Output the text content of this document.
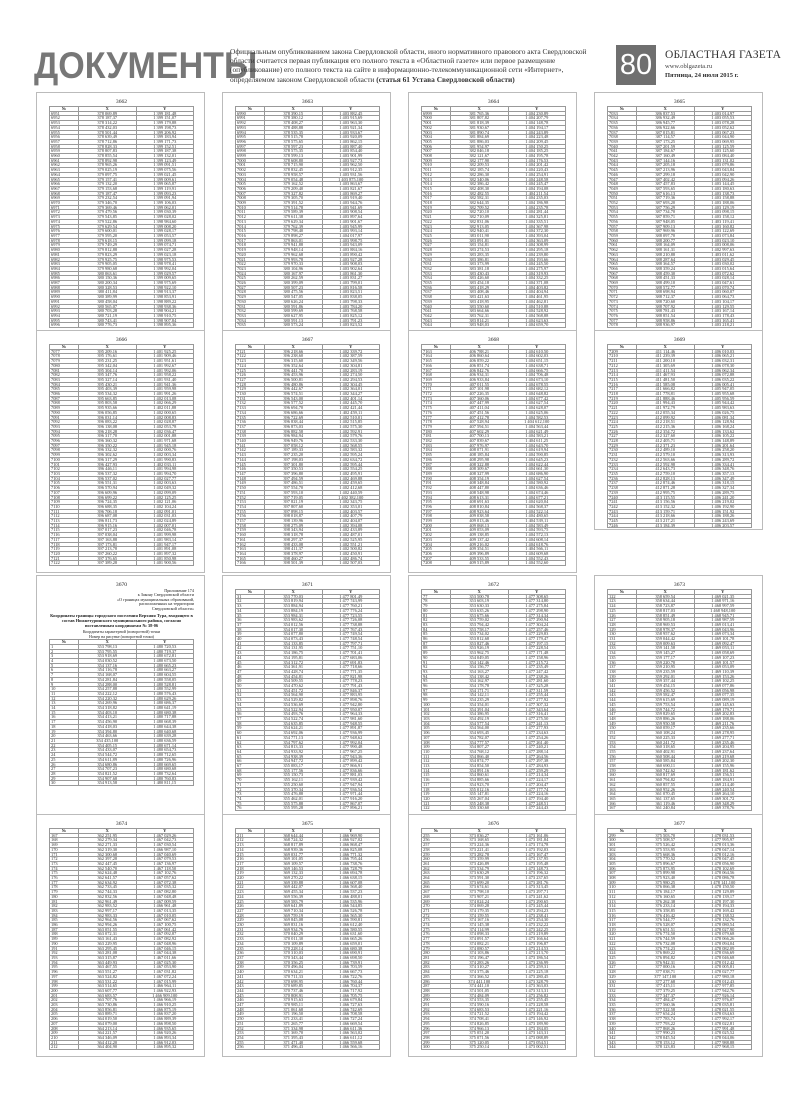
ДОКУМЕНТЫ
Официальным опубликованием закона Свердловской области, иного нормативного правового акта Свердловской области считается первая публикация его полного текста в «Областной газете» или первое размещение (опубликование) его полного текста на сайте в информационно-телекоммуникационной сети «Интернет», определяемом законом Свердловской области (статья 61 Устава Свердловской области)	80	ОБЛАСТНАЯ ГАЗЕТА
www.oblgazeta.ru
Пятница, 24 июля 2015 г.
3662
№	X	Y
6951	378 069,89	1 399 181,48
6952	378 187,37	1 399 151,07
6953	378 314,22	1 399 179,88
6954	378 432,03	1 399 198,73
6955	378 501,44	1 399 206,92
6956	378 639,49	1 399 183,94
6957	378 712,86	1 399 171,73
6958	378 828,33	1 399 152,51
6959	378 807,83	1 399 187,38
6960	378 855,54	1 399 132,01
6961	378 892,98	1 399 123,49
6962	378 965,26	1 399 091,51
6963	379 025,19	1 399 075,56
6964	379 097,75	1 399 021,45
6965	379 157,41	1 399 009,61
6966	379 132,20	1 399 065,87
6967	379 153,68	1 399 119,91
6968	379 187,47	1 399 093,23
6969	379 232,54	1 399 091,94
6970	379 346,70	1 399 106,03
6971	379 369,46	1 399 062,01
6972	379 479,56	1 399 030,39
6973	379 543,85	1 399 028,02
6974	379 522,86	1 398 984,60
6975	379 629,54	1 399 008,20
6976	379 600,01	1 399 028,17
6977	379 595,20	1 399 053,57
6978	379 618,15	1 399 099,18
6979	379 749,29	1 399 074,71
6980	379 812,88	1 399 027,28
6981	379 823,29	1 399 023,18
6982	379 925,75	1 398 975,53
6983	379 905,05	1 398 978,41
6984	379 980,68	1 398 992,04
6985	380 063,61	1 399 029,57
6986	380 150,36	1 399 009,65
6987	380 200,34	1 398 975,69
6988	380 328,53	1 398 922,10
6989	380 411,84	1 398 913,37
6990	380 389,99	1 398 853,91
6991	380 458,04	1 398 889,22
6992	380 565,07	1 398 938,36
6993	380 703,28	1 398 904,21
6994	380 721,19	1 398 910,75
6995	380 743,41	1 398 907,84
6996	380 776,73	1 398 895,36
3663
№	X	Y
6990	378 390,15	1 403 882,45
6991	378 380,12	1 403 915,69
6992	378 408,27	1 403 963,30
6993	378 488,88	1 403 921,34
6994	378 535,35	1 403 933,67
6995	378 515,78	1 403 920,09
6996	378 575,65	1 403 862,15
6997	378 597,23	1 403 887,40
6998	378 575,35	1 403 854,40
6999	378 599,13	1 403 901,99
7000	378 608,80	1 403 927,73
7001	378 715,90	1 403 962,50
7002	378 832,45	1 403 912,35
7003	378 958,57	1 403 931,56
7004	379 054,48	1 403 875,100
7005	379 162,52	1 403 863,67
7006	379 209,40	1 403 821,67
7007	379 327,82	1 403 869,27
7008	379 305,70	1 403 919,40
7009	379 391,52	1 403 944,76
7010	379 514,78	1 403 941,69
7011	379 589,39	1 403 908,54
7012	379 611,38	1 403 897,64
7013	379 629,34	1 403 901,67
7014	379 762,39	1 403 945,99
7015	379 798,40	1 403 993,14
7016	379 898,27	1 404 017,97
7017	379 863,01	1 403 998,75
7018	379 941,88	1 403 943,09
7019	379 948,14	1 403 884,16
7020	379 962,68	1 403 890,42
7021	379 993,78	1 403 927,28
7022	379 970,33	1 403 908,03
7023	380 104,96	1 403 902,64
7024	380 167,97	1 403 861,30
7025	380 262,59	1 403 831,27
7026	380 399,09	1 403 799,01
7027	380 507,23	1 403 816,58
7028	380 475,56	1 403 823,51
7029	380 547,05	1 403 838,05
7030	380 626,24	1 403 798,33
7031	380 591,86	1 403 784,20
7032	380 599,69	1 403 768,58
7033	380 627,95	1 403 825,12
7034	380 591,13	1 403 791,23
7035	380 573,24	1 403 823,52
3664
№	X	Y
6999	381 765,36	1 404 230,89
7000	381 807,82	1 404 207,79
7001	381 818,39	1 404 148,78
7002	381 930,67	1 404 194,17
7003	381 890,74	1 404 243,89
7004	381 884,69	1 404 223,48
7005	381 886,03	1 404 209,45
7006	381 954,97	1 404 150,25
7007	382 046,18	1 404 185,25
7008	382 121,67	1 404 195,78
7009	382 177,90	1 404 176,53
7010	382 209,53	1 404 201,42
7011	382 185,74	1 404 220,43
7012	382 286,30	1 404 254,91
7013	382 340,06	1 404 248,58
7014	382 386,42	1 404 245,47
7015	382 408,30	1 404 194,08
7016	382 482,55	1 404 211,54
7017	382 582,31	1 404 235,03
7018	382 644,35	1 404 186,98
7019	382 709,52	1 404 235,78
7020	382 720,10	1 404 281,44
7021	382 710,09	1 404 325,81
7022	382 831,06	1 404 335,51
7023	382 913,05	1 404 367,98
7024	382 940,41	1 404 372,30
7025	383 011,90	1 404 393,04
7026	383 091,81	1 404 363,09
7027	383 154,81	1 404 308,99
7028	383 274,53	1 404 295,18
7029	383 283,35	1 404 239,80
7030	383 386,81	1 404 193,66
7031	383 373,99	1 404 245,50
7032	383 381,18	1 404 275,97
7033	383 430,43	1 404 319,93
7034	383 426,60	1 404 332,25
7035	383 454,18	1 404 371,08
7036	383 418,29	1 404 403,82
7037	383 408,46	1 404 404,94
7038	383 421,63	1 404 461,95
7039	383 418,95	1 404 462,81
7040	383 550,60	1 404 510,88
7041	383 664,66	1 404 528,92
7042	383 762,31	1 404 568,88
7043	383 814,21	1 404 623,63
7044	383 948,03	1 404 659,70
3665
№	X	Y
7033	386 837,53	1 403 014,97
7034	386 932,49	1 403 055,53
7035	386 945,77	1 403 078,28
7036	386 922,66	1 403 052,62
7037	387 015,81	1 403 067,23
7038	387 114,57	1 403 044,90
7039	387 173,25	1 403 069,95
7040	387 201,59	1 403 125,59
7041	387 184,67	1 403 125,60
7042	387 160,49	1 403 084,40
7043	387 144,16	1 403 131,02
7044	387 205,18	1 403 079,86
7045	387 213,96	1 403 043,84
7046	387 299,18	1 403 042,90
7047	387 402,42	1 403 094,26
7048	387 457,83	1 403 144,45
7049	387 593,65	1 403 180,63
7050	387 616,13	1 403 138,73
7051	387 719,36	1 403 158,88
7052	387 693,20	1 403 188,06
7053	387 756,29	1 403 129,19
7054	387 734,70	1 403 098,15
7055	387 859,71	1 403 158,12
7056	387 948,05	1 403 119,41
7057	387 909,13	1 403 160,82
7058	387 969,96	1 403 122,69
7059	388 097,70	1 403 073,84
7060	388 200,77	1 403 023,10
7061	388 164,09	1 403 008,06
7062	388 161,31	1 402 997,63
7063	388 210,88	1 403 011,62
7064	388 287,64	1 403 029,45
7065	388 364,57	1 403 030,02
7066	388 359,24	1 403 015,64
7067	388 459,30	1 403 072,62
7068	388 451,33	1 403 028,14
7069	388 499,10	1 403 047,61
7070	388 572,77	1 403 070,74
7071	388 698,94	1 403 060,07
7072	388 712,37	1 403 064,73
7073	388 720,60	1 403 104,17
7074	388 707,92	1 403 129,55
7075	388 781,43	1 403 167,14
7076	388 851,54	1 403 178,43
7077	388 958,86	1 403 165,41
7078	388 936,97	1 403 218,21
3666
№	X	Y
7077	395 209,16	1 401 925,25
7078	395 176,61	1 401 909,46
7079	395 231,25	1 401 951,61
7080	395 342,04	1 401 992,67
7081	395 304,14	1 401 992,06
7082	395 347,76	1 401 958,22
7083	395 327,14	1 401 931,40
7084	395 430,21	1 401 941,36
7085	395 403,39	1 401 959,98
7086	395 534,32	1 401 991,26
7087	395 663,85	1 402 013,08
7088	395 803,58	1 402 066,29
7089	395 935,66	1 402 011,88
7090	396 056,85	1 402 000,65
7091	396 031,14	1 402 008,83
7092	396 083,22	1 402 028,87
7093	396 138,08	1 402 053,78
7094	396 218,28	1 402 036,47
7095	396 317,70	1 402 001,88
7096	396 360,32	1 401 971,68
7097	396 350,22	1 401 945,18
7098	396 332,32	1 402 000,76
7099	396 302,62	1 402 003,34
7100	396 317,29	1 401 990,83
7101	396 427,93	1 402 033,11
7102	396 446,11	1 401 994,98
7103	396 537,32	1 401 994,70
7104	396 537,02	1 402 027,77
7105	396 551,31	1 402 003,63
7106	396 570,94	1 402 049,32
7107	396 609,96	1 402 099,09
7108	396 699,22	1 402 125,25
7109	396 724,35	1 402 121,06
7110	396 688,35	1 402 104,24
7111	396 706,18	1 402 091,01
7112	396 687,08	1 402 031,03
7113	396 811,73	1 402 024,89
7114	396 915,16	1 402 007,01
7115	397 017,23	1 402 046,78
7116	397 038,04	1 401 999,98
7117	397 163,88	1 401 983,14
7118	397 173,81	1 401 947,17
7119	397 213,78	1 401 891,08
7120	397 260,22	1 401 897,32
7121	397 376,65	1 401 850,98
7122	397 389,28	1 401 900,56
3667
№	X	Y
7121	396 218,66	1 402 339,72
7122	396 238,60	1 402 387,59
7123	396 315,60	1 402 349,56
7124	396 352,64	1 402 304,81
7125	396 441,70	1 402 283,19
7126	396 453,96	1 402 274,50
7127	396 500,81	1 402 294,53
7128	396 480,86	1 402 304,45
7129	396 442,67	1 402 364,01
7130	396 574,51	1 402 344,27
7131	396 543,00	1 402 401,14
7132	396 577,52	1 402 445,70
7133	396 694,70	1 402 421,44
7134	396 686,66	1 402 459,11
7135	396 722,69	1 402 510,01
7136	396 838,44	1 402 515,85
7137	396 873,03	1 402 575,30
7138	396 882,58	1 402 592,91
7139	396 984,94	1 402 579,76
7140	396 949,76	1 402 533,30
7141	397 058,12	1 402 568,55
7142	397 189,33	1 402 583,32
7143	397 235,20	1 402 595,24
7144	397 198,03	1 402 634,72
7145	397 301,80	1 402 595,44
7146	397 350,53	1 402 554,25
7147	397 396,80	1 402 495,91
7148	397 494,59	1 402 469,88
7149	397 486,51	1 402 459,65
7150	397 554,70	1 402 412,68
7151	397 593,10	1 402 440,59
7152	397 719,05	1 402 382,100
7153	397 821,19	1 402 343,75
7154	397 807,60	1 402 353,01
7155	397 898,15	1 402 403,57
7156	398 018,87	1 402 407,79
7157	398 139,96	1 402 404,07
7158	398 275,09	1 402 394,08
7159	398 343,94	1 402 433,89
7160	398 318,78	1 402 487,01
7161	398 297,37	1 402 525,95
7162	398 433,08	1 402 551,21
7163	398 411,37	1 402 500,82
7164	398 378,97	1 402 450,91
7165	398 460,27	1 402 486,74
7166	398 501,39	1 402 507,03
3668
№	X	Y
7163	406 788,21	1 404 610,50
7164	406 860,64	1 404 602,03
7165	406 859,22	1 404 651,15
7166	406 851,74	1 404 638,71
7167	406 842,76	1 404 666,75
7168	406 934,31	1 404 706,48
7169	406 933,84	1 404 673,10
7170	407 011,55	1 404 678,55
7171	407 101,98	1 404 682,12
7172	407 226,35	1 404 648,82
7173	407 360,06	1 404 677,42
7174	407 447,99	1 404 627,54
7175	407 411,04	1 404 628,07
7176	407 451,56	1 404 625,06
7177	407 412,78	1 404 582,53
7178	407 528,94	1 404 612,100
7179	407 594,51	1 404 563,44
7180	407 602,29	1 404 621,49
7181	407 700,13	1 404 583,21
7182	407 839,67	1 404 611,25
7183	407 976,97	1 404 643,70
7184	408 071,91	1 404 619,94
7185	408 185,84	1 404 590,85
7186	408 295,98	1 404 645,23
7187	408 322,88	1 404 622,44
7188	408 309,67	1 404 661,30
7189	408 327,99	1 404 686,90
7190	408 354,19	1 404 627,54
7191	408 348,84	1 404 580,92
7192	408 447,80	1 404 636,46
7193	408 548,98	1 404 674,46
7194	408 613,31	1 404 677,21
7195	408 691,63	1 404 620,04
7196	408 810,84	1 404 568,37
7197	408 923,64	1 404 522,14
7198	409 038,58	1 404 480,65
7199	409 013,46	1 404 539,11
7200	409 068,13	1 404 583,49
7201	409 053,09	1 404 593,75
7202	409 138,85	1 404 572,13
7203	409 137,42	1 404 608,14
7204	409 216,02	1 404 618,76
7205	409 354,51	1 404 566,11
7206	409 396,89	1 404 609,68
7207	409 533,55	1 404 552,43
7208	409 515,89	1 404 552,60
3669
№	X	Y
7209	411 114,46	1 406 010,03
7210	411 239,39	1 406 065,21
7211	411 200,10	1 406 032,31
7212	411 305,69	1 406 078,30
7213	411 411,54	1 406 062,34
7214	411 467,93	1 406 072,88
7215	411 481,50	1 406 035,22
7216	411 585,08	1 406 005,41
7217	411 666,82	1 405 947,05
7218	411 778,81	1 405 955,68
7219	411 888,46	1 405 956,59
7220	411 994,43	1 405 944,42
7221	411 972,79	1 405 983,63
7222	412 055,34	1 406 026,75
7223	412 099,92	1 406 081,34
7224	412 218,51	1 406 128,94
7225	412 215,36	1 406 168,24
7226	412 354,72	1 406 133,62
7227	412 327,60	1 406 105,22
7228	412 405,71	1 406 148,89
7229	412 371,23	1 406 201,64
7230	412 489,10	1 406 258,20
7231	412 579,10	1 406 313,93
7232	412 563,66	1 406 289,72
7233	412 592,98	1 406 334,41
7234	412 643,73	1 406 348,76
7235	412 759,10	1 406 357,13
7236	412 828,13	1 406 347,49
7237	412 874,46	1 406 318,15
7238	412 871,28	1 406 327,34
7239	412 995,75	1 406 289,75
7240	413 115,55	1 406 241,20
7241	413 156,56	1 406 219,02
7242	413 152,32	1 406 192,90
7243	413 159,71	1 406 151,92
7244	413 218,66	1 406 188,26
7245	413 217,21	1 406 243,69
7246	413 184,39	1 406 203,57
3670
Приложение 174
к Закону Свердловской области
«О границах муниципальных образований,
расположенных на территории
Свердловской области»
Координаты границы городского поселения Верхняя Тура, входящего в состав Нижнетуринского муниципального района, согласно поставленным координатам № 38-06
Координаты характерной (поворотной) точки
Номер на рисунке (поворотной точки)
№	X	Y
1	353 798,13	1 480 720,53
2	353 795,55	1 480 719,37
3	353 918,69	1 480 672,81
4	354 030,52	1 480 673,50
5	354 137,16	1 480 665,23
6	354 116,78	1 480 663,27
7	354 168,07	1 480 604,55
8	354 281,84	1 480 558,05
9	354 288,00	1 480 528,81
10	354 257,88	1 480 552,99
11	354 222,12	1 480 576,43
12	354 220,32	1 480 629,26
13	354 269,96	1 480 686,37
14	354 318,82	1 480 641,19
15	354 403,10	1 480 680,38
16	354 413,21	1 480 717,88
17	354 456,90	1 480 668,39
18	354 418,03	1 480 644,38
19	354 394,80	1 480 640,68
20	354 463,66	1 480 639,28
21	354 435,100	1 480 636,59
22	354 405,15	1 480 671,14
23	354 433,07	1 480 654,73
24	354 544,72	1 480 712,65
25	354 611,89	1 480 726,96
26	354 680,86	1 480 669,65
27	354 707,23	1 480 680,68
28	354 821,52	1 480 732,64
29	354 907,68	1 480 760,83
30	354 913,58	1 480 811,15
3671
№	X	Y
31	353 770,03	1 477 801,49
32	353 819,94	1 477 743,99
33	353 884,94	1 477 760,21
34	353 884,19	1 477 776,24
35	353 984,31	1 477 723,55
36	353 983,62	1 477 726,08
37	354 012,56	1 477 738,88
38	354 017,30	1 477 767,43
39	354 077,80	1 477 749,54
40	354 073,43	1 477 748,54
41	354 133,85	1 477 797,71
42	354 131,95	1 477 751,10
43	354 186,75	1 477 701,41
44	354 195,81	1 477 683,06
45	354 312,72	1 477 691,83
46	354 361,91	1 477 718,66
47	354 428,74	1 477 771,35
48	354 454,81	1 477 821,98
49	354 509,55	1 477 778,23
50	354 470,62	1 477 791,43
51	354 451,72	1 477 846,37
52	354 564,90	1 477 883,95
53	354 529,82	1 477 898,76
54	354 536,69	1 477 942,80
55	354 522,94	1 477 950,07
56	354 493,76	1 477 964,33
57	354 522,74	1 477 981,60
58	354 635,85	1 477 948,55
59	354 624,21	1 477 891,87
60	354 692,06	1 477 936,99
61	354 771,13	1 477 948,62
62	354 797,62	1 477 992,04
63	354 813,33	1 477 990,48
64	354 933,92	1 477 967,25
65	354 938,39	1 477 943,36
66	354 947,72	1 477 899,42
67	355 083,17	1 477 866,91
68	355 177,56	1 477 836,66
69	355 150,73	1 477 881,03
70	355 162,11	1 477 939,42
71	355 250,60	1 477 947,94
72	355 370,34	1 477 936,54
73	355 476,88	1 477 971,44
74	355 462,01	1 477 916,20
75	355 575,88	1 477 867,07
76	355 595,28	1 477 896,21
3672
№	X	Y
77	353 500,78	1 477 308,65
78	353 603,19	1 477 314,80
79	353 630,33	1 477 275,84
80	353 635,26	1 477 298,90
81	353 675,66	1 477 314,34
82	353 759,02	1 477 290,94
83	353 794,42	1 477 304,24
84	353 758,17	1 477 257,46
85	353 734,02	1 477 229,83
86	353 812,68	1 477 179,47
87	353 827,46	1 477 197,15
88	353 926,19	1 477 228,54
89	353 962,75	1 477 171,48
90	354 049,05	1 477 158,96
91	354 142,46	1 477 215,72
92	354 156,77	1 477 235,49
93	354 163,27	1 477 247,42
94	354 138,42	1 477 238,26
95	354 162,97	1 477 281,60
96	354 178,78	1 477 325,28
97	354 171,71	1 477 311,59
98	354 142,11	1 477 255,44
99	354 235,29	1 477 277,92
100	354 354,01	1 477 307,32
101	354 391,04	1 477 343,64
102	354 386,95	1 477 316,41
103	354 492,19	1 477 275,50
104	354 577,54	1 477 241,13
105	354 564,00	1 477 277,93
106	354 693,45	1 477 234,63
107	354 782,07	1 477 254,26
108	354 777,57	1 477 261,40
109	354 807,27	1 477 240,21
110	354 768,12	1 477 288,14
111	354 866,40	1 477 264,56
112	354 874,77	1 477 297,38
113	354 854,50	1 477 284,93
114	354 891,16	1 477 259,29
115	354 860,61	1 477 214,34
116	354 885,66	1 477 224,17
117	354 923,70	1 477 204,47
118	355 012,16	1 477 177,74
119	355 147,81	1 477 224,16
120	355 267,04	1 477 194,40
121	355 248,38	1 477 248,51
122	355 330,60	1 477 244,43
3673
№	X	Y
122	358 659,54	1 469 021,35
123	358 634,44	1 468 971,16
124	358 723,87	1 468 997,59
125	358 817,03	1 468 948,100
126	358 851,49	1 468 945,71
127	358 905,18	1 468 987,59
128	358 969,53	1 469 013,41
129	358 978,37	1 469 043,96
130	358 957,62	1 469 073,34
131	359 044,42	1 469 101,78
132	359 009,63	1 469 092,47
133	359 141,58	1 469 053,11
134	359 145,27	1 469 058,69
135	359 177,17	1 469 107,23
136	359 220,70	1 469 101,57
137	359 210,95	1 469 053,09
138	359 235,59	1 469 110,39
139	359 292,01	1 469 153,26
140	359 357,44	1 469 102,25
141	359 454,15	1 469 077,86
142	359 456,52	1 469 056,98
143	359 582,47	1 469 077,35
144	359 615,69	1 469 089,19
145	359 753,54	1 469 145,63
146	359 744,72	1 469 179,71
147	359 829,65	1 469 202,83
148	359 886,26	1 469 188,06
149	359 950,58	1 469 211,76
150	360 059,17	1 469 235,66
151	360 108,24	1 469 278,95
152	360 225,33	1 469 277,71
153	360 241,72	1 469 235,46
154	360 318,65	1 469 204,95
155	360 402,91	1 469 237,64
156	360 508,44	1 469 219,68
157	360 585,84	1 469 202,30
158	360 690,11	1 469 155,96
159	360 742,62	1 469 181,62
160	360 817,69	1 469 156,51
161	360 794,82	1 469 184,91
162	360 857,55	1 469 214,40
163	360 952,26	1 469 240,54
164	361 070,45	1 469 264,10
165	361 137,65	1 469 301,72
166	361 119,46	1 469 348,29
167	361 240,84	1 469 378,76
3674
№	X	Y
167	362 251,95	1 467 029,26
168	362 279,34	1 467 042,73
169	362 271,33	1 467 030,54
170	362 319,30	1 466 987,10
171	362 300,68	1 467 040,69
172	362 397,28	1 467 079,53
173	362 447,45	1 467 136,97
174	362 540,70	1 467 118,50
175	362 624,48	1 467 102,76
176	362 641,57	1 467 057,62
177	362 634,92	1 467 072,38
178	362 733,45	1 467 035,32
179	362 744,33	1 467 082,80
180	362 832,56	1 467 048,48
181	362 961,49	1 467 009,59
182	362 983,52	1 466 961,48
183	362 997,17	1 467 013,35
184	362 983,33	1 467 010,05
185	362 964,56	1 467 067,62
186	362 994,26	1 467 100,75
187	363 051,55	1 467 061,42
188	363 072,31	1 467 092,87
189	363 161,43	1 467 082,92
190	363 229,95	1 467 048,96
191	363 295,45	1 467 046,15
192	363 281,08	1 467 044,38
193	363 315,87	1 467 011,66
194	363 449,93	1 467 025,30
195	363 467,55	1 467 053,90
196	363 551,27	1 467 031,82
197	363 524,82	1 467 072,24
198	363 531,22	1 467 015,99
199	363 514,65	1 466 964,11
200	363 607,77	1 466 922,93
201	363 683,57	1 466 909,100
202	363 707,76	1 466 966,19
203	363 730,86	1 466 910,25
204	363 856,81	1 466 875,19
205	363 889,71	1 466 837,20
206	364 019,50	1 466 889,39
207	364 079,00	1 466 898,50
208	364 213,14	1 466 935,65
209	364 221,57	1 466 920,26
210	364 346,09	1 466 893,34
211	364 412,20	1 466 912,03
212	364 404,90	1 466 895,32
3675
№	X	Y
211	368 644,44	1 466 969,90
212	368 724,32	1 466 927,02
213	368 817,89	1 466 868,47
214	368 939,36	1 466 825,08
215	369 031,77	1 466 771,32
216	369 101,05	1 466 795,44
217	369 109,57	1 466 738,76
218	369 146,53	1 466 728,79
219	369 132,33	1 466 694,78
220	369 270,22	1 466 638,15
221	369 339,88	1 466 607,08
222	369 442,07	1 466 568,40
223	369 455,34	1 466 537,23
224	369 556,39	1 466 488,01
225	369 583,79	1 466 535,96
226	369 641,89	1 466 544,85
227	369 710,34	1 466 526,78
228	369 759,19	1 466 565,30
229	369 845,08	1 466 590,81
230	369 831,16	1 466 612,40
231	369 934,76	1 466 580,55
232	370 040,29	1 466 631,60
233	370 011,30	1 466 665,26
234	370 109,89	1 466 659,01
235	370 228,14	1 466 680,38
236	370 310,03	1 466 690,91
237	370 343,44	1 466 698,50
238	370 356,25	1 466 739,91
239	370 496,04	1 466 703,59
240	370 634,21	1 466 667,73
241	370 711,33	1 466 722,76
242	370 698,95	1 466 760,44
243	370 689,85	1 466 704,37
244	370 737,46	1 466 717,92
245	370 808,91	1 466 705,75
246	370 915,63	1 466 679,84
247	370 985,11	1 466 727,63
248	371 061,68	1 466 742,69
249	371 196,50	1 466 708,58
250	371 233,41	1 466 727,24
251	371 265,77	1 466 669,54
252	371 334,98	1 466 611,36
253	371 369,70	1 466 563,02
254	371 395,43	1 466 611,12
255	371 471,40	1 466 559,68
256	371 496,43	1 466 566,16
3676
№	X	Y
255	373 036,27	1 473 161,06
256	373 168,65	1 473 181,84
257	373 224,36	1 473 174,78
258	373 221,41	1 473 192,03
259	373 282,78	1 473 167,47
260	373 359,99	1 473 137,95
261	373 426,89	1 473 195,48
262	373 534,79	1 473 148,73
263	373 630,29	1 473 196,32
264	373 591,30	1 473 237,65
265	373 699,20	1 473 281,76
266	373 674,61	1 473 313,45
267	373 798,10	1 473 297,71
268	373 907,21	1 473 241,62
269	374 024,24	1 473 290,65
270	374 069,28	1 473 245,44
271	374 179,35	1 473 294,23
272	374 159,55	1 473 238,41
273	374 167,16	1 473 254,30
274	374 145,38	1 473 232,22
275	374 114,99	1 473 242,25
276	374 098,33	1 473 219,89
277	374 091,57	1 473 166,64
278	374 082,21	1 473 196,87
279	374 080,57	1 473 214,53
280	374 103,86	1 473 213,70
281	374 196,47	1 473 186,54
282	374 283,26	1 473 236,99
283	374 310,27	1 473 259,31
284	374 375,46	1 473 225,18
285	374 366,52	1 473 280,45
286	374 441,100	1 473 328,79
287	374 441,10	1 473 363,03
288	374 501,05	1 473 313,31
289	374 484,09	1 473 256,82
290	374 553,35	1 473 255,45
291	374 590,16	1 473 228,58
292	374 683,53	1 473 221,16
293	374 721,52	1 473 194,42
294	374 708,41	1 473 146,92
295	374 826,85	1 473 189,90
296	374 966,13	1 473 184,05
297	375 051,20	1 473 143,31
298	375 071,56	1 473 088,89
299	375 120,05	1 473 054,51
300	375 250,14	1 473 002,51
3677
№	X	Y
299	375 503,70	1 478 031,53
300	375 508,57	1 477 995,97
301	375 526,42	1 478 013,36
302	375 553,95	1 478 047,14
303	375 668,36	1 478 012,16
304	375 770,52	1 478 047,45
305	375 896,67	1 478 056,90
306	375 873,95	1 478 102,69
307	375 899,98	1 478 064,56
308	375 923,40	1 478 086,78
309	375 980,25	1 478 141,100
310	376 066,38	1 478 150,50
311	376 184,17	1 478 129,89
312	376 160,65	1 478 139,17
313	376 262,38	1 478 197,30
314	376 233,14	1 478 194,33
315	376 358,85	1 478 169,42
316	376 416,42	1 478 138,52
317	376 544,77	1 478 132,76
318	376 528,07	1 478 080,54
319	376 651,51	1 478 027,90
320	376 774,50	1 478 079,68
321	376 744,59	1 478 066,26
322	376 732,08	1 478 094,04
323	376 774,23	1 478 082,09
324	376 869,22	1 478 036,69
325	376 894,82	1 478 046,68
326	376 942,31	1 478 012,42
327	377 000,16	1 478 005,81
328	377 038,71	1 478 027,77
329	377 147,100	1 477 980,18
330	377 277,68	1 478 012,43
331	377 415,11	1 477 977,85
332	377 379,25	1 477 942,76
333	377 347,37	1 477 926,14
334	377 484,47	1 477 976,07
335	377 560,36	1 478 035,81
336	377 522,58	1 478 021,55
337	377 654,24	1 478 034,63
338	377 783,74	1 477 992,17
339	377 793,22	1 478 022,81
340	377 868,26	1 477 991,48
341	377 990,23	1 478 025,52
342	378 045,54	1 478 044,06
343	378 153,12	1 477 988,88
344	378 123,83	1 477 968,15
